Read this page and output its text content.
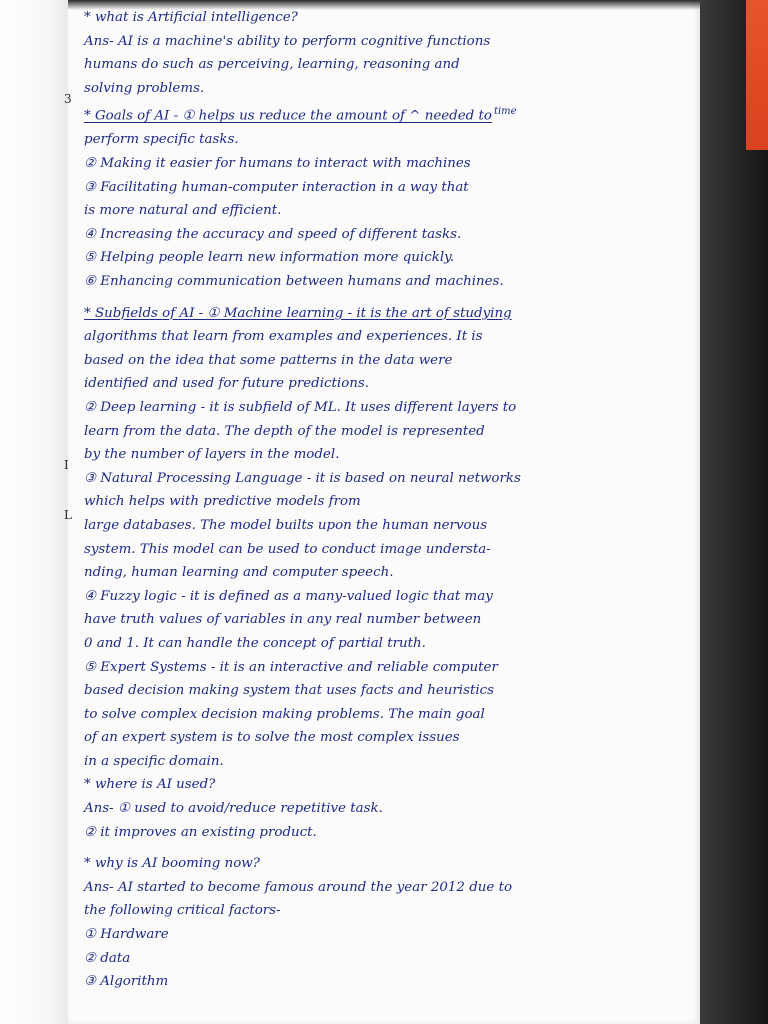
3
I
L

* what is Artificial intelligence?

Ans- AI is a machine's ability to perform cognitive functions

humans do such as perceiving, learning, reasoning and

solving problems.

* Goals of AI - ① helps us reduce the amount of ^ needed to $^{time}$

perform specific tasks.

② Making it easier for humans to interact with machines

③ Facilitating human-computer interaction in a way that

is more natural and efficient.

④ Increasing the accuracy and speed of different tasks.

⑤ Helping people learn new information more quickly.

⑥ Enhancing communication between humans and machines.

* Subfields of AI - ① Machine learning - it is the art of studying

algorithms that learn from examples and experiences. It is

based on the idea that some patterns in the data were

identified and used for future predictions.

② Deep learning - it is subfield of ML. It uses different layers to

learn from the data. The depth of the model is represented

by the number of layers in the model.

③ Natural Processing Language - it is based on neural networks

which helps with predictive models from

large databases. The model builts upon the human nervous

system. This model can be used to conduct image understa-

nding, human learning and computer speech.

④ Fuzzy logic - it is defined as a many-valued logic that may

have truth values of variables in any real number between

0 and 1. It can handle the concept of partial truth.

⑤ Expert Systems - it is an interactive and reliable computer

based decision making system that uses facts and heuristics

to solve complex decision making problems. The main goal

of an expert system is to solve the most complex issues

in a specific domain.

* where is AI used?

Ans- ① used to avoid/reduce repetitive task.

② it improves an existing product.

* why is AI booming now?

Ans- AI started to become famous around the year 2012 due to

the following critical factors-

① Hardware

② data

③ Algorithm
